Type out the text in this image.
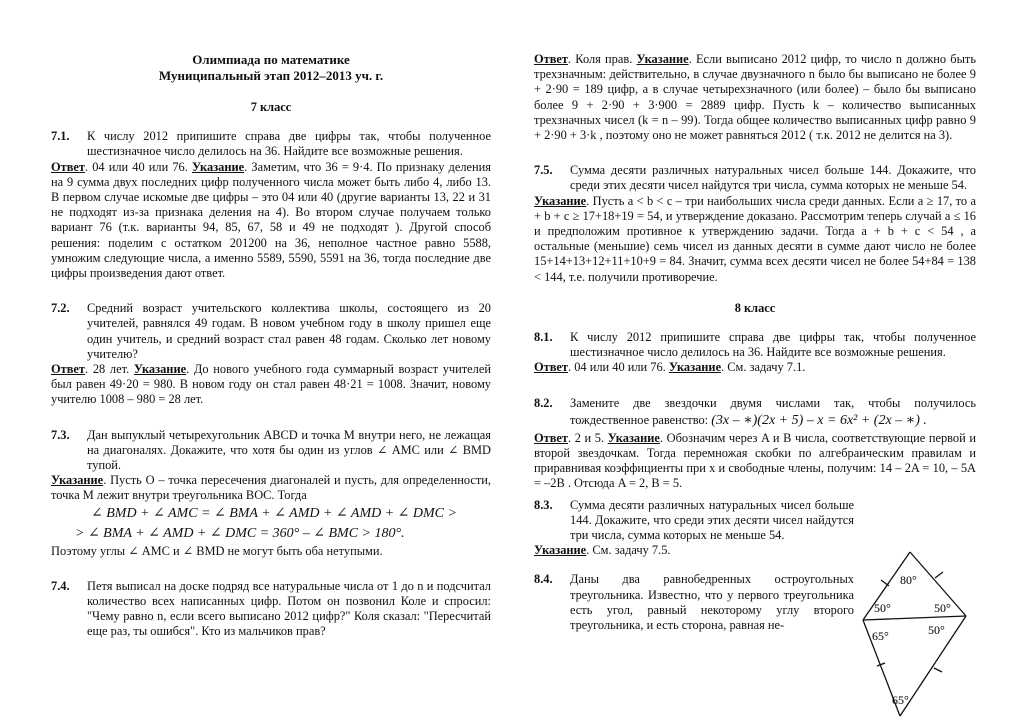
Олимпиада по математике
Муниципальный этап 2012–2013 уч. г.
7 класс
7.1.	К числу 2012 припишите справа две цифры так, чтобы полученное шестизначное число делилось на 36. Найдите все возможные решения.

Ответ. 04 или 40 или 76. Указание. Заметим, что 36 = 9·4. По признаку деления на 9 сумма двух последних цифр полученного числа может быть либо 4, либо 13. В первом случае искомые две цифры – это 04 или 40 (другие варианты 13, 22 и 31 не подходят из-за признака деления на 4). Во втором случае получаем только вариант 76 (т.к. варианты 94, 85, 67, 58 и 49 не подходят ). Другой способ решения: поделим с остатком 201200 на 36, неполное частное равно 5588, умножим следующие числа, а именно 5589, 5590, 5591 на 36, тогда последние две цифры произведения дают ответ.

7.2.	Средний возраст учительского коллектива школы, состоящего из 20 учителей, равнялся 49 годам. В новом учебном году в школу пришел еще один учитель, и средний возраст стал равен 48 годам. Сколько лет новому учителю?

Ответ. 28 лет. Указание. До нового учебного года суммарный возраст учителей был равен 49·20 = 980. В новом году он стал равен 48·21 = 1008. Значит, новому учителю 1008 – 980 = 28 лет.

7.3.	Дан выпуклый четырехугольник ABCD и точка M внутри него, не лежащая на диагоналях. Докажите, что хотя бы один из углов ∠ AMC или ∠ BMD тупой.

Указание. Пусть O – точка пересечения диагоналей и пусть, для определенности, точка M лежит внутри треугольника BOC. Тогда

∠ BMD + ∠ AMC = ∠ BMA + ∠ AMD + ∠ AMD + ∠ DMC >
> ∠ BMA + ∠ AMD + ∠ DMC = 360° – ∠ BMC > 180°.

Поэтому углы ∠ AMC и ∠ BMD не могут быть оба нетупыми.

7.4.	Петя выписал на доске подряд все натуральные числа от 1 до n и подсчитал количество всех написанных цифр. Потом он позвонил Коле и спросил: "Чему равно n, если всего выписано 2012 цифр?" Коля сказал: "Пересчитай еще раз, ты ошибся". Кто из мальчиков прав?

Ответ. Коля прав. Указание. Если выписано 2012 цифр, то число n должно быть трехзначным: действительно, в случае двузначного n было бы выписано не более 9 + 2·90 = 189 цифр, а в случае четырехзначного (или более) – было бы выписано более 9 + 2·90 + 3·900 = 2889 цифр. Пусть k – количество выписанных трехзначных чисел (k = n – 99). Тогда общее количество выписанных цифр равно 9 + 2·90 + 3·k , поэтому оно не может равняться 2012 ( т.к. 2012 не делится на 3).

7.5.	Сумма десяти различных натуральных чисел больше 144. Докажите, что среди этих десяти чисел найдутся три числа, сумма которых не меньше 54.

Указание. Пусть a < b < c – три наибольших числа среди данных. Если a ≥ 17, то a + b + c ≥ 17+18+19 = 54, и утверждение доказано. Рассмотрим теперь случай a ≤ 16 и предположим противное к утверждению задачи. Тогда a + b + c < 54 , а остальные (меньшие) семь чисел из данных десяти в сумме дают число не более 15+14+13+12+11+10+9 = 84. Значит, сумма всех десяти чисел не более 54+84 = 138 < 144, т.е. получили противоречие.

8 класс
8.1.	К числу 2012 припишите справа две цифры так, чтобы полученное шестизначное число делилось на 36. Найдите все возможные решения.

Ответ. 04 или 40 или 76. Указание. См. задачу 7.1.

8.2.	Замените две звездочки двумя числами так, чтобы получилось тождественное равенство: (3x – ∗)(2x + 5) – x = 6x² + (2x – ∗) .

Ответ. 2 и 5. Указание. Обозначим через A и B числа, соответствующие первой и второй звездочкам. Тогда перемножая скобки по алгебраическим правилам и приравнивая коэффициенты при x и свободные члены, получим: 14 – 2A = 10, – 5A = –2B . Отсюда A = 2, B = 5.

8.3.	Сумма десяти различных натуральных чисел больше 144. Докажите, что среди этих десяти чисел найдутся три числа, сумма которых не меньше 54.

Указание. См. задачу 7.5.

8.4.	Даны два равнобедренных остроугольных треугольника. Известно, что у первого треугольника есть угол, равный некоторому углу второго треугольника, и есть сторона, равная не-
80°
50°	50°
65°	50°
65°
